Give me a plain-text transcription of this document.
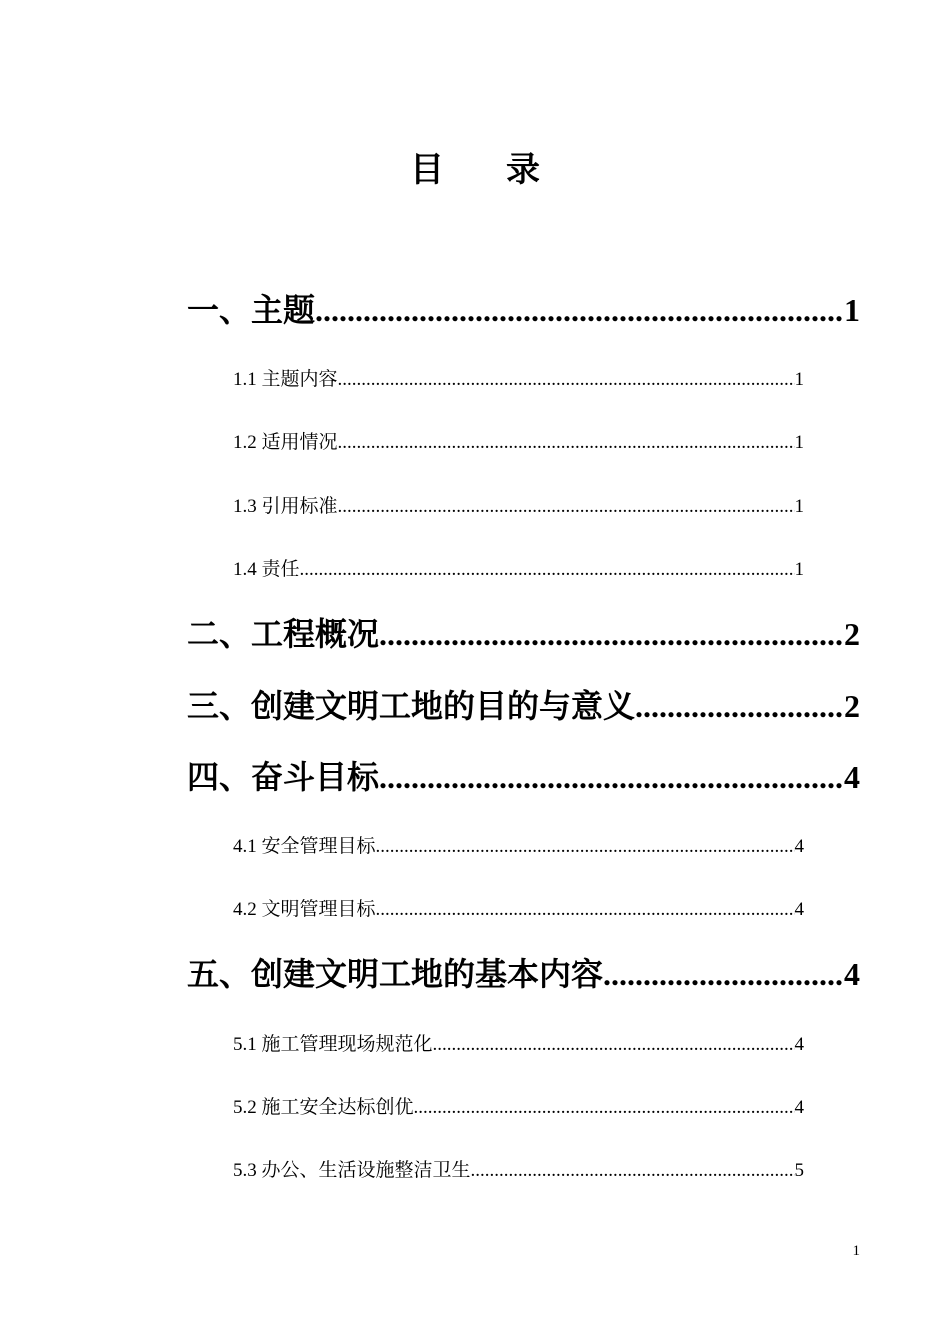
目录
一、主题 .....	1
1.1 主题内容 .....	1
1.2 适用情况 .....	1
1.3 引用标准 .....	1
1.4 责任 .....	1
二、工程概况 .....	2
三、创建文明工地的目的与意义 .....	2
四、奋斗目标 .....	4
4.1 安全管理目标 .....	4
4.2 文明管理目标 .....	4
五、创建文明工地的基本内容 .....	4
5.1 施工管理现场规范化 .....	4
5.2 施工安全达标创优 .....	4
5.3 办公、生活设施整洁卫生 .....	5
1
